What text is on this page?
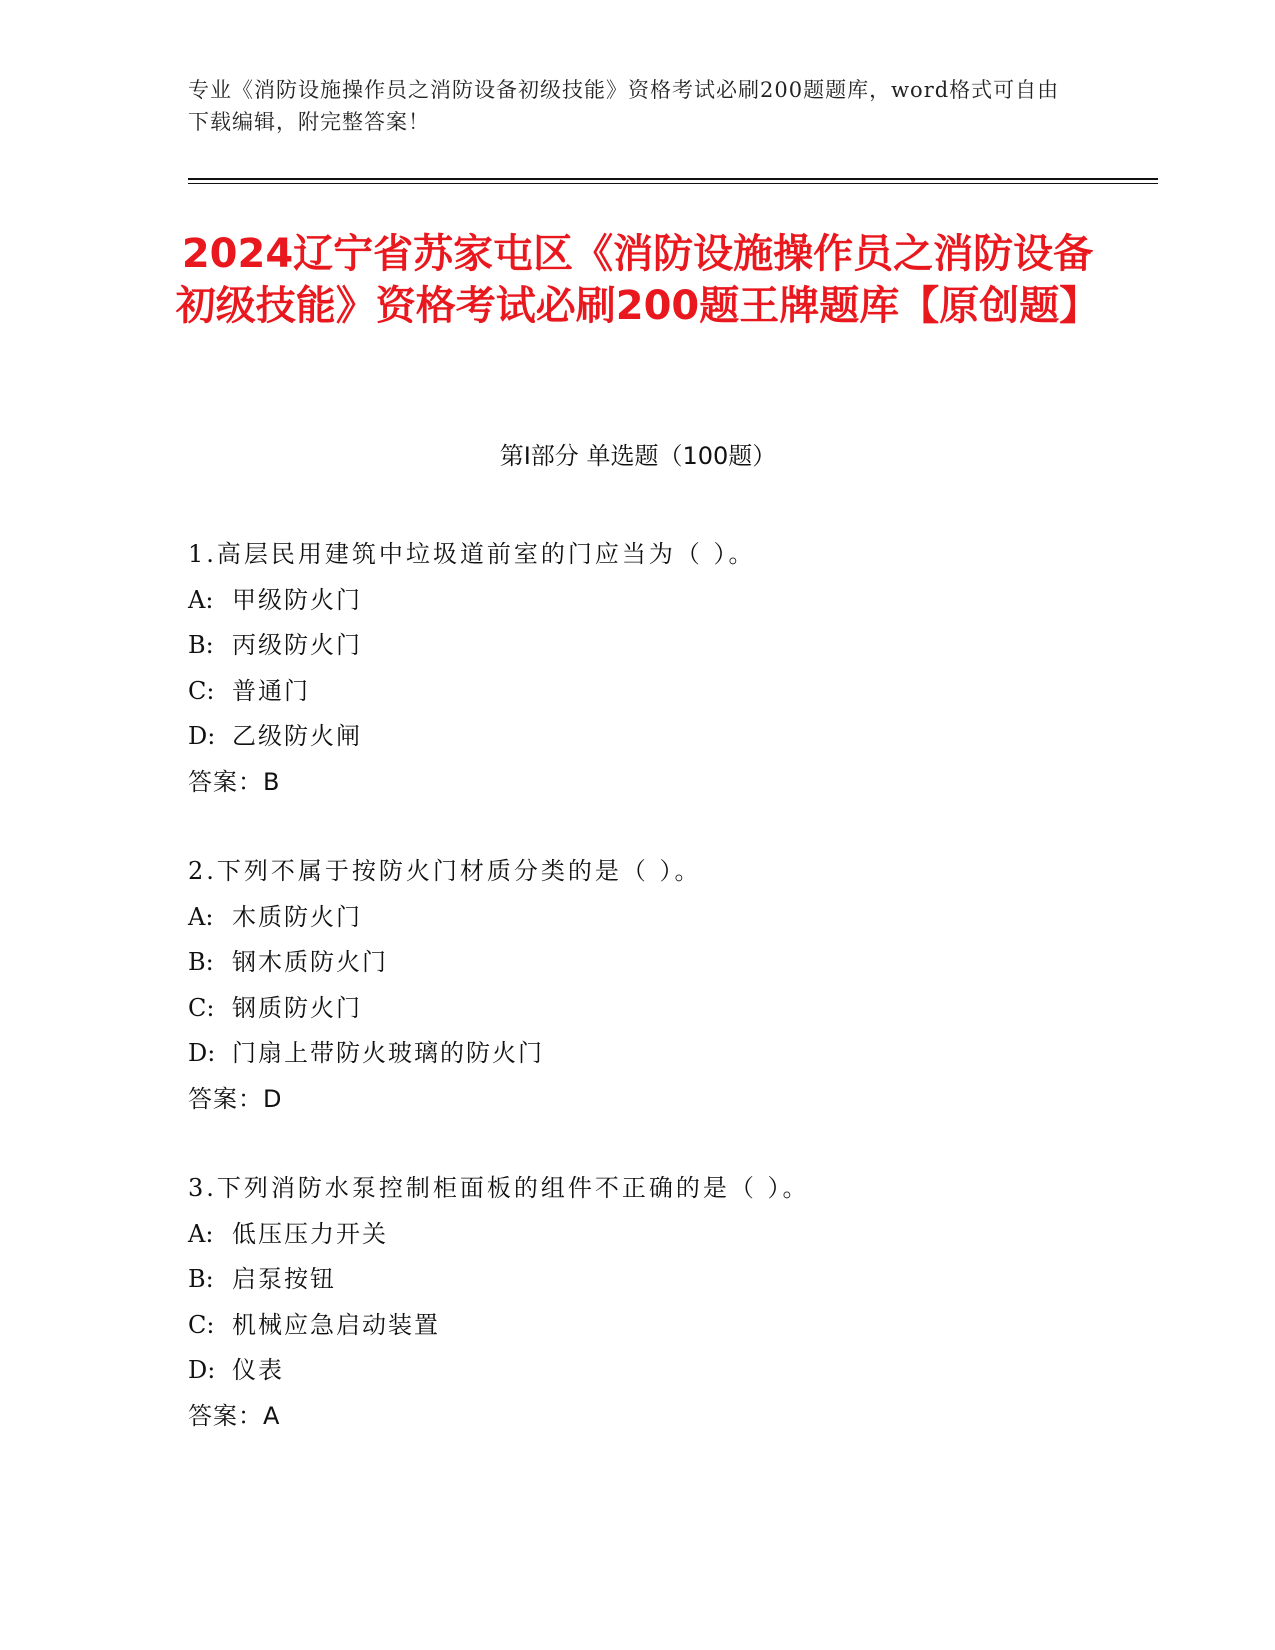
专业《消防设施操作员之消防设备初级技能》资格考试必刷200题题库，word格式可自由下载编辑，附完整答案！
2024辽宁省苏家屯区《消防设施操作员之消防设备初级技能》资格考试必刷200题王牌题库【原创题】
第Ⅰ部分 单选题（100题）
1.高层民用建筑中垃圾道前室的门应当为（ ）。
A: 甲级防火门
B: 丙级防火门
C: 普通门
D: 乙级防火闸
答案：B
2.下列不属于按防火门材质分类的是（ ）。
A: 木质防火门
B: 钢木质防火门
C: 钢质防火门
D: 门扇上带防火玻璃的防火门
答案：D
3.下列消防水泵控制柜面板的组件不正确的是（ ）。
A: 低压压力开关
B: 启泵按钮
C: 机械应急启动装置
D: 仪表
答案：A
